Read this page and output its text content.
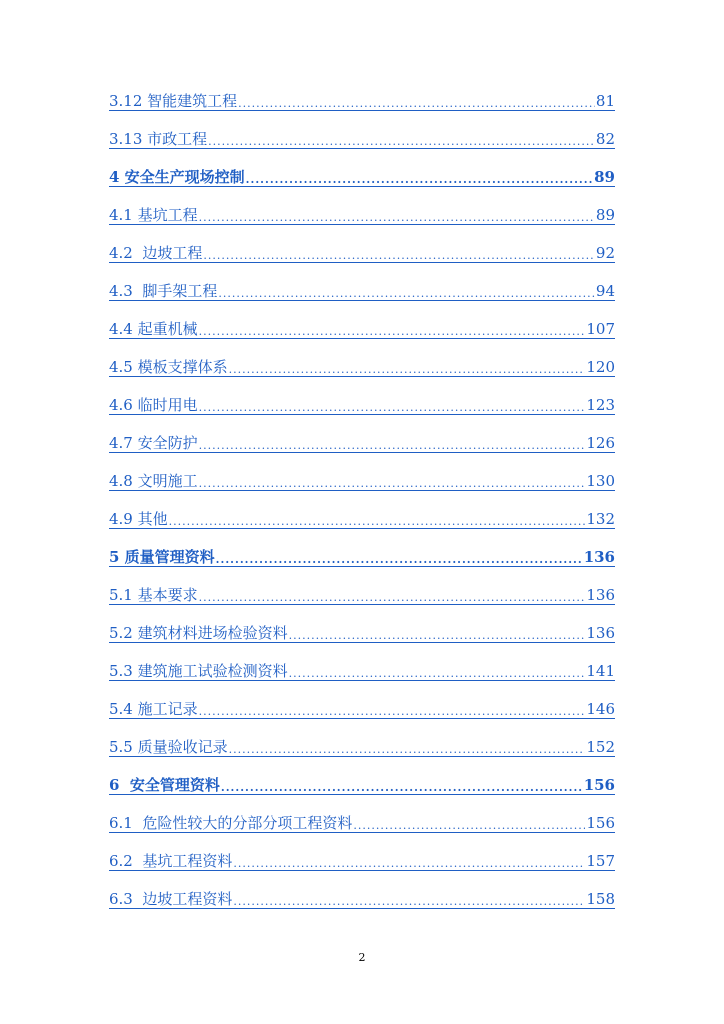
3.12 智能建筑工程 .....	81
3.13 市政工程 .....	82
4 安全生产现场控制 .....	89
4.1 基坑工程 .....	89
4.2  边坡工程 .....	92
4.3  脚手架工程 .....	94
4.4 起重机械 .....	107
4.5 模板支撑体系 .....	120
4.6 临时用电 .....	123
4.7 安全防护 .....	126
4.8 文明施工 .....	130
4.9 其他 .....	132
5 质量管理资料 .....	136
5.1 基本要求 .....	136
5.2 建筑材料进场检验资料 .....	136
5.3 建筑施工试验检测资料 .....	141
5.4 施工记录 .....	146
5.5 质量验收记录 .....	152
6  安全管理资料 .....	156
6.1  危险性较大的分部分项工程资料 .....	156
6.2  基坑工程资料 .....	157
6.3  边坡工程资料 .....	158
2
